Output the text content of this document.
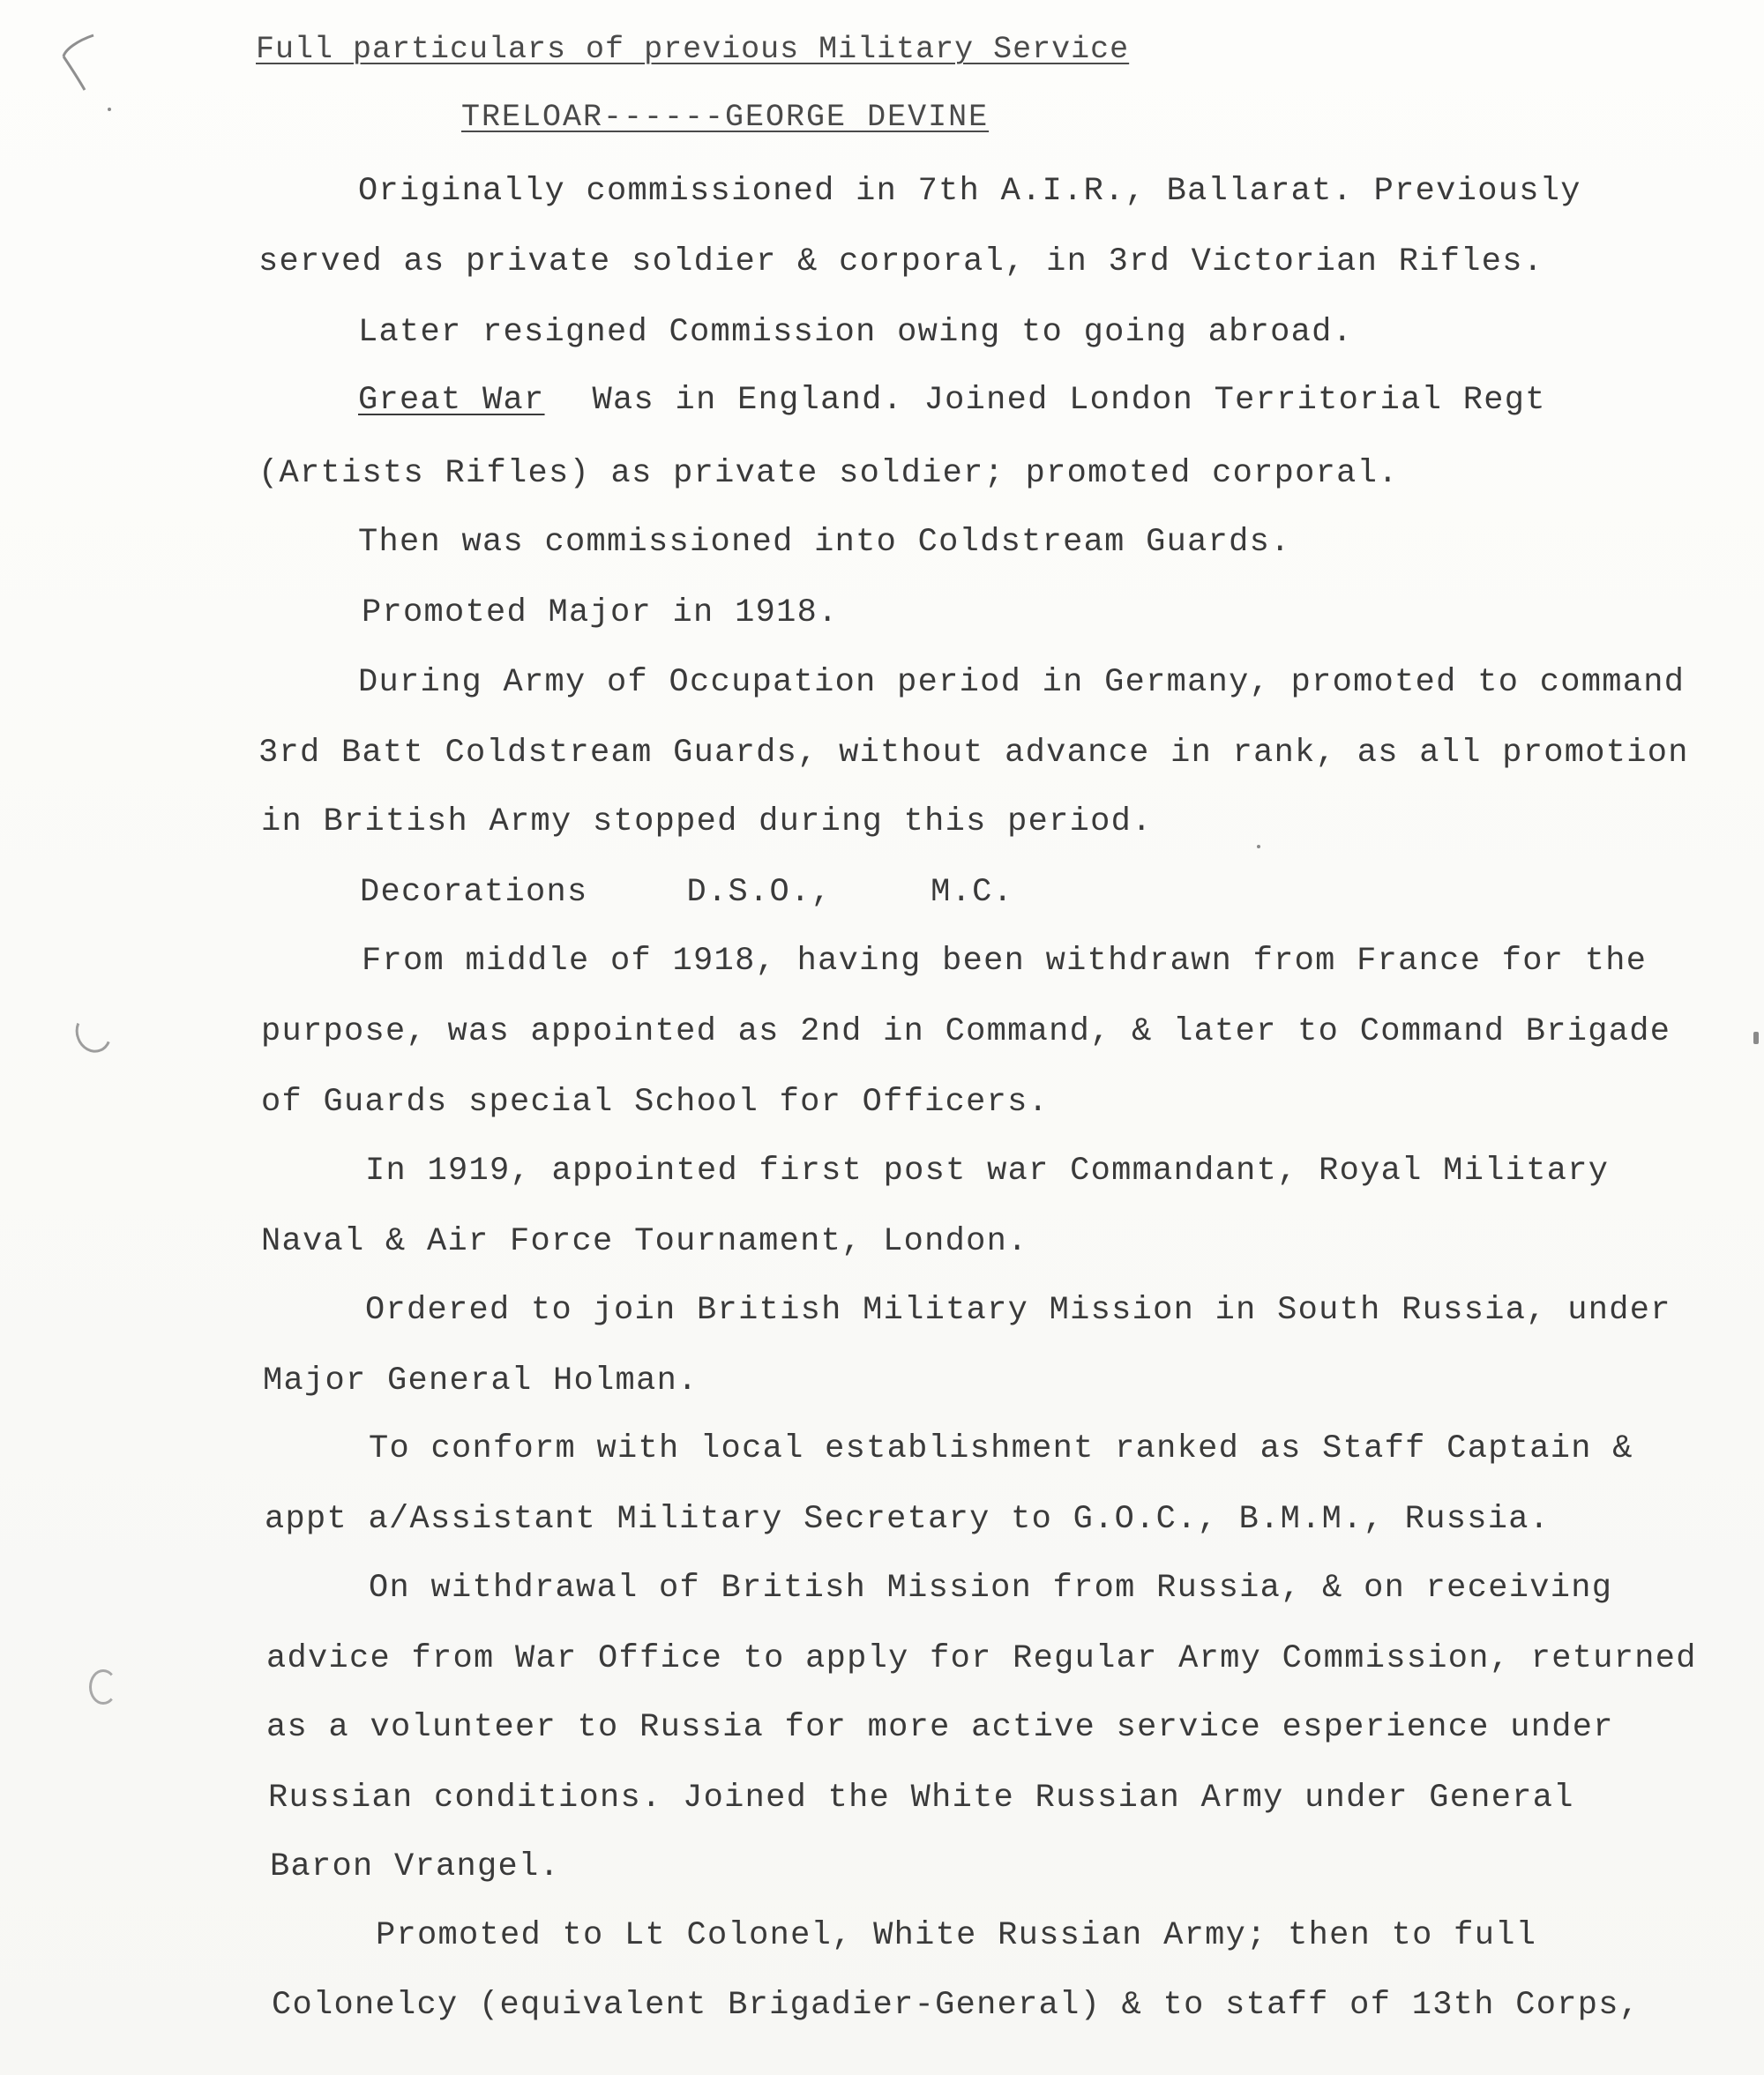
Full particulars of previous Military Service
TRELOAR------GEORGE DEVINE
Originally commissioned in 7th A.I.R., Ballarat. Previously
served as private soldier & corporal, in 3rd Victorian Rifles.
Later resigned Commission owing to going abroad.
Great War Was in England. Joined London Territorial Regt
(Artists Rifles) as private soldier; promoted corporal.
Then was commissioned into Coldstream Guards.
Promoted Major in 1918.
During Army of Occupation period in Germany, promoted to command
3rd Batt Coldstream Guards, without advance in rank, as all promotion
in British Army stopped during this period.
Decorations	D.S.O.,	M.C.
From middle of 1918, having been withdrawn from France for the
purpose, was appointed as 2nd in Command, & later to Command Brigade
of Guards special School for Officers.
In 1919, appointed first post war Commandant, Royal Military
Naval & Air Force Tournament, London.
Ordered to join British Military Mission in South Russia, under
Major General Holman.
To conform with local establishment ranked as Staff Captain &
appt a/Assistant Military Secretary to G.O.C., B.M.M., Russia.
On withdrawal of British Mission from Russia, & on receiving
advice from War Office to apply for Regular Army Commission, returned
as a volunteer to Russia for more active service esperience under
Russian conditions. Joined the White Russian Army under General
Baron Vrangel.
Promoted to Lt Colonel, White Russian Army; then to full
Colonelcy (equivalent Brigadier-General) & to staff of 13th Corps,
